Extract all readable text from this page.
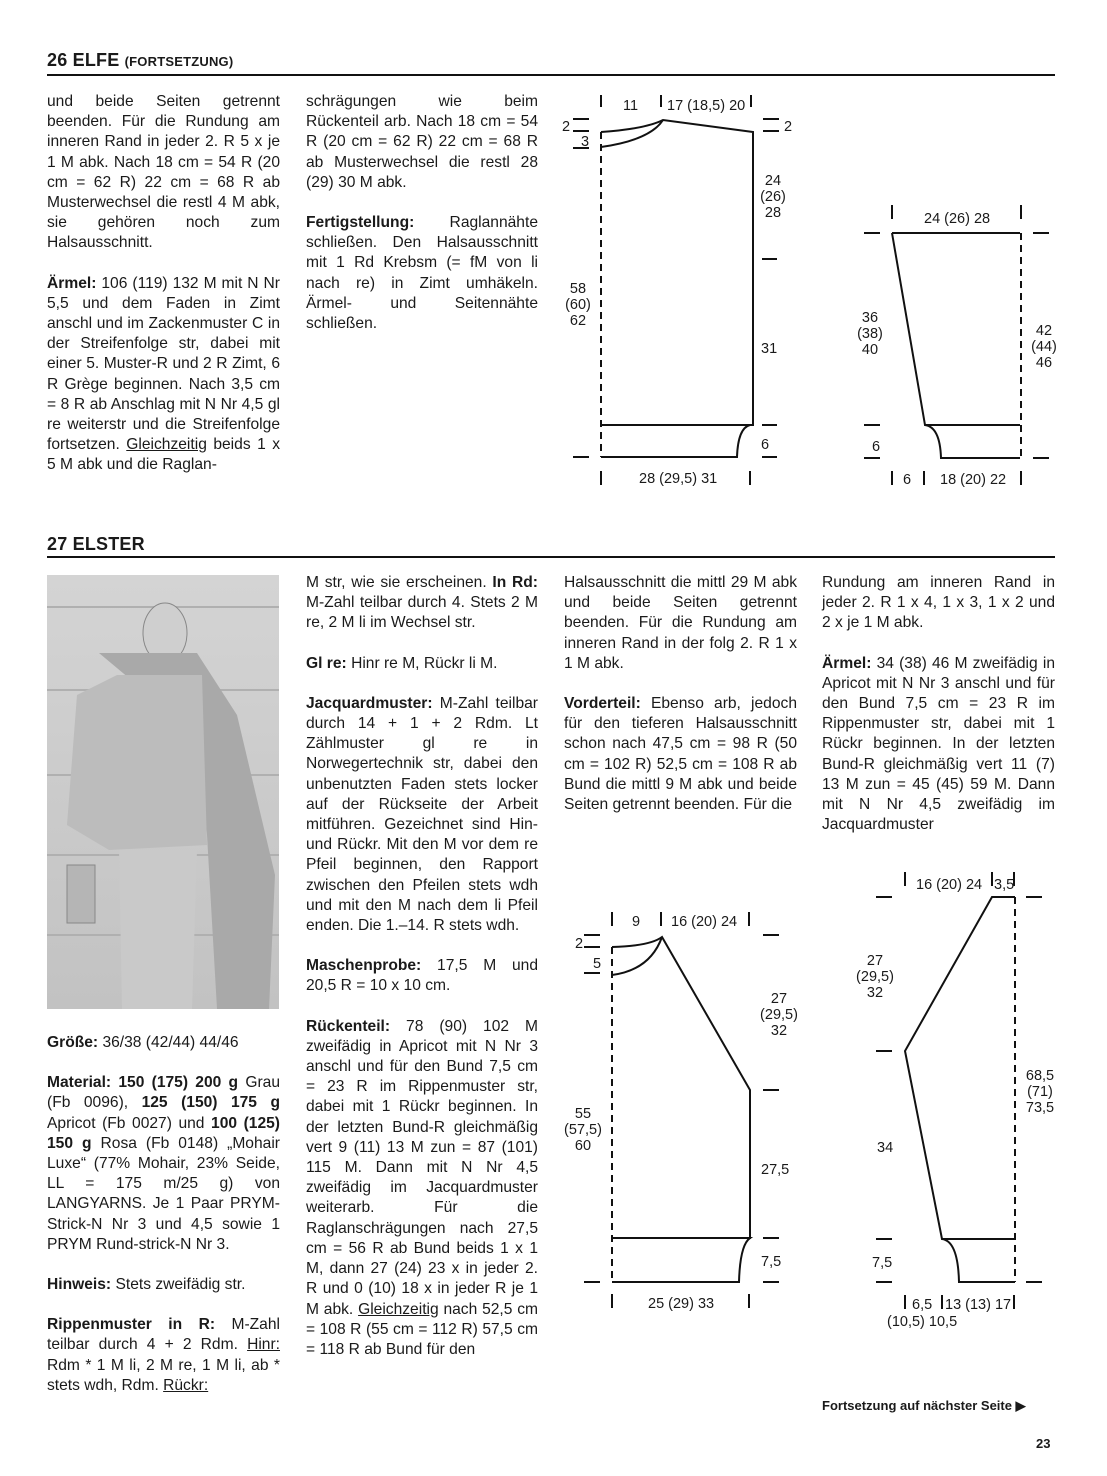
26 ELFE (FORTSETZUNG)

und beide Seiten getrennt beenden. Für die Rundung am inneren Rand in jeder 2. R 5 x je 1 M abk. Nach 18 cm = 54 R (20 cm = 62 R) 22 cm = 68 R ab Musterwechsel die restl 4 M abk, sie gehören noch zum Halsausschnitt.

Ärmel: 106 (119) 132 M mit N Nr 5,5 und dem Faden in Zimt anschl und im Zackenmuster C in der Streifenfolge str, dabei mit einer 5. Muster-R und 2 R Zimt, 6 R Grège beginnen. Nach 3,5 cm = 8 R ab Anschlag mit N Nr 4,5 gl re weiterstr und die Streifenfolge fortsetzen. Gleichzeitig beids 1 x 5 M abk und die Raglan-

schrägungen wie beim Rückenteil arb. Nach 18 cm = 54 R (20 cm = 62 R) 22 cm = 68 R ab Musterwechsel die restl 28 (29) 30 M abk.

Fertigstellung: Raglannähte schließen. Den Halsausschnitt mit 1 Rd Krebsm (= fM von li nach re) in Zimt umhäkeln. Ärmel- und Seitennähte schließen.

11 17 (18,5) 20
2
3
2
24
(26)
28
58
(60)
62
31
6
28 (29,5) 31
24 (26) 28
36
(38)
40
42
(44)
46
6
6 18 (20) 22
27 ELSTER

Größe: 36/38 (42/44) 44/46

Material: 150 (175) 200 g Grau (Fb 0096), 125 (150) 175 g Apricot (Fb 0027) und 100 (125) 150 g Rosa (Fb 0148) „Mohair Luxe“ (77% Mohair, 23% Seide, LL = 175 m/25 g) von LANGYARNS. Je 1 Paar PRYM-Strick-N Nr 3 und 4,5 sowie 1 PRYM Rund-strick-N Nr 3.

Hinweis: Stets zweifädig str.

Rippenmuster in R: M-Zahl teilbar durch 4 + 2 Rdm. Hinr: Rdm * 1 M li, 2 M re, 1 M li, ab * stets wdh, Rdm. Rückr:

M str, wie sie erscheinen. In Rd: M-Zahl teilbar durch 4. Stets 2 M re, 2 M li im Wechsel str.

Gl re: Hinr re M, Rückr li M.

Jacquardmuster: M-Zahl teilbar durch 14 + 1 + 2 Rdm. Lt Zählmuster gl re in Norwegertechnik str, dabei den unbenutzten Faden stets locker auf der Rückseite der Arbeit mitführen. Gezeichnet sind Hin- und Rückr. Mit den M vor dem re Pfeil beginnen, den Rapport zwischen den Pfeilen stets wdh und mit den M nach dem li Pfeil enden. Die 1.–14. R stets wdh.

Maschenprobe: 17,5 M und 20,5 R = 10 x 10 cm.

Rückenteil: 78 (90) 102 M zweifädig in Apricot mit N Nr 3 anschl und für den Bund 7,5 cm = 23 R im Rippenmuster str, dabei mit 1 Rückr beginnen. In der letzten Bund-R gleichmäßig vert 9 (11) 13 M zun = 87 (101) 115 M. Dann mit N Nr 4,5 zweifädig im Jacquardmuster weiterarb. Für die Raglanschrägungen nach 27,5 cm = 56 R ab Bund beids 1 x 1 M, dann 27 (24) 23 x in jeder 2. R und 0 (10) 18 x in jeder R je 1 M abk. Gleichzeitig nach 52,5 cm = 108 R (55 cm = 112 R) 57,5 cm = 118 R ab Bund für den

Halsausschnitt die mittl 29 M abk und beide Seiten getrennt beenden. Für die Rundung am inneren Rand in der folg 2. R 1 x 1 M abk.

Vorderteil: Ebenso arb, jedoch für den tieferen Halsausschnitt schon nach 47,5 cm = 98 R (50 cm = 102 R) 52,5 cm = 108 R ab Bund die mittl 9 M abk und beide Seiten getrennt beenden. Für die

Rundung am inneren Rand in jeder 2. R 1 x 4, 1 x 3, 1 x 2 und 2 x je 1 M abk.

Ärmel: 34 (38) 46 M zweifädig in Apricot mit N Nr 3 anschl und für den Bund 7,5 cm = 23 R im Rippenmuster str, dabei mit 1 Rückr beginnen. In der letzten Bund-R gleichmäßig vert 11 (7) 13 M zun = 45 (45) 59 M. Dann mit N Nr 4,5 zweifädig im Jacquardmuster

9 16 (20) 24
2
5
27
(29,5)
32
55
(57,5)
60
27,5
7,5
25 (29) 33
16 (20) 24 3,5
27
(29,5)
32
34
7,5
68,5
(71)
73,5
6,5
(10,5) 10,5
13 (13) 17
Fortsetzung auf nächster Seite ▶
23
